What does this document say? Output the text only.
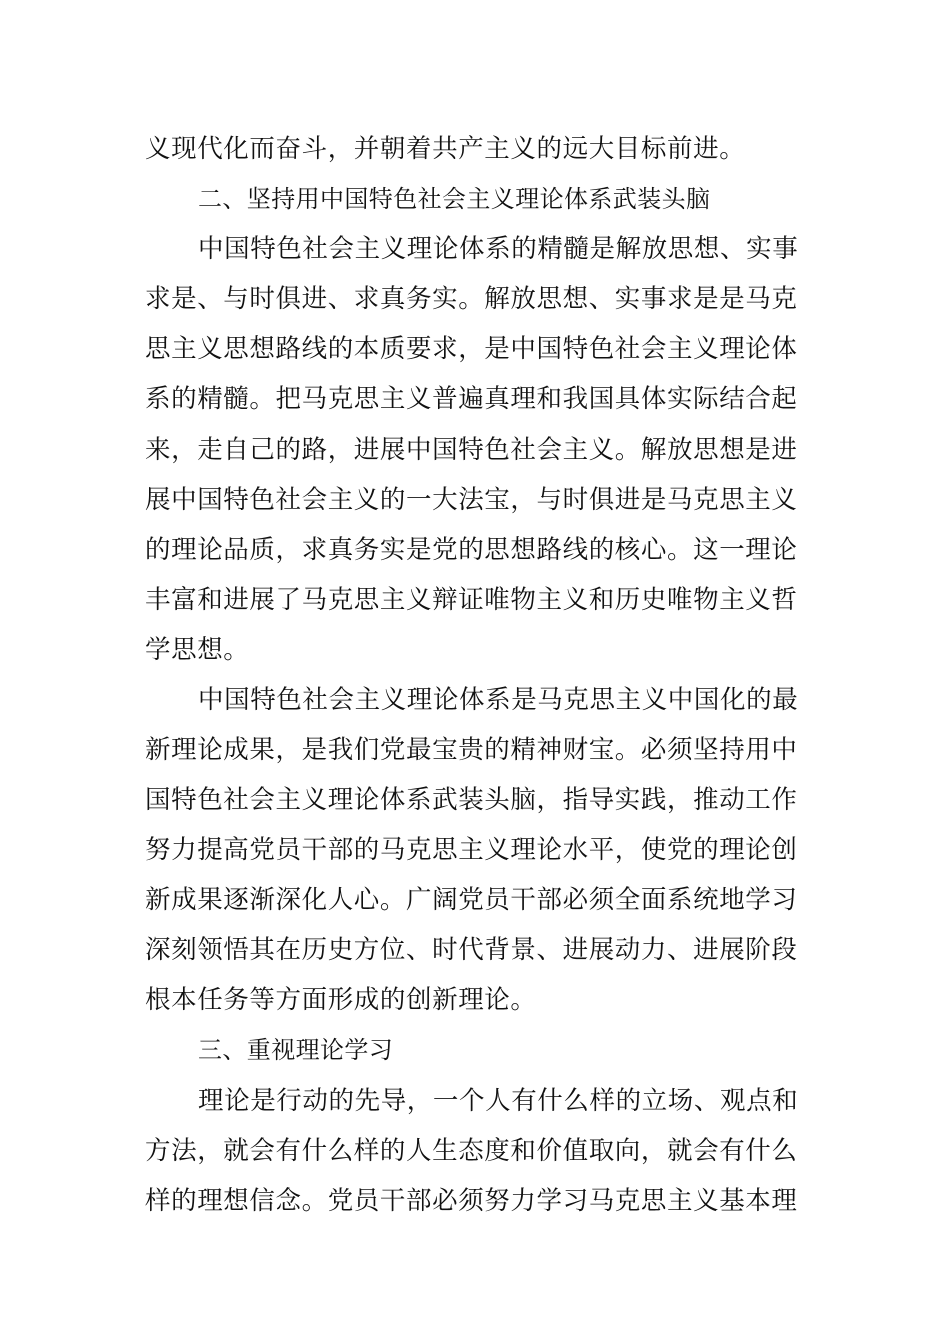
义现代化而奋斗，并朝着共产主义的远大目标前进。
二、坚持用中国特色社会主义理论体系武装头脑
中国特色社会主义理论体系的精髓是解放思想、实事
求是、与时俱进、求真务实。解放思想、实事求是是马克
思主义思想路线的本质要求，是中国特色社会主义理论体
系的精髓。把马克思主义普遍真理和我国具体实际结合起
来，走自己的路，进展中国特色社会主义。解放思想是进
展中国特色社会主义的一大法宝，与时俱进是马克思主义
的理论品质，求真务实是党的思想路线的核心。这一理论
丰富和进展了马克思主义辩证唯物主义和历史唯物主义哲
学思想。
中国特色社会主义理论体系是马克思主义中国化的最
新理论成果，是我们党最宝贵的精神财宝。必须坚持用中
国特色社会主义理论体系武装头脑，指导实践，推动工作
努力提高党员干部的马克思主义理论水平，使党的理论创
新成果逐渐深化人心。广阔党员干部必须全面系统地学习
深刻领悟其在历史方位、时代背景、进展动力、进展阶段
根本任务等方面形成的创新理论。
三、重视理论学习
理论是行动的先导，一个人有什么样的立场、观点和
方法，就会有什么样的人生态度和价值取向，就会有什么
样的理想信念。党员干部必须努力学习马克思主义基本理
